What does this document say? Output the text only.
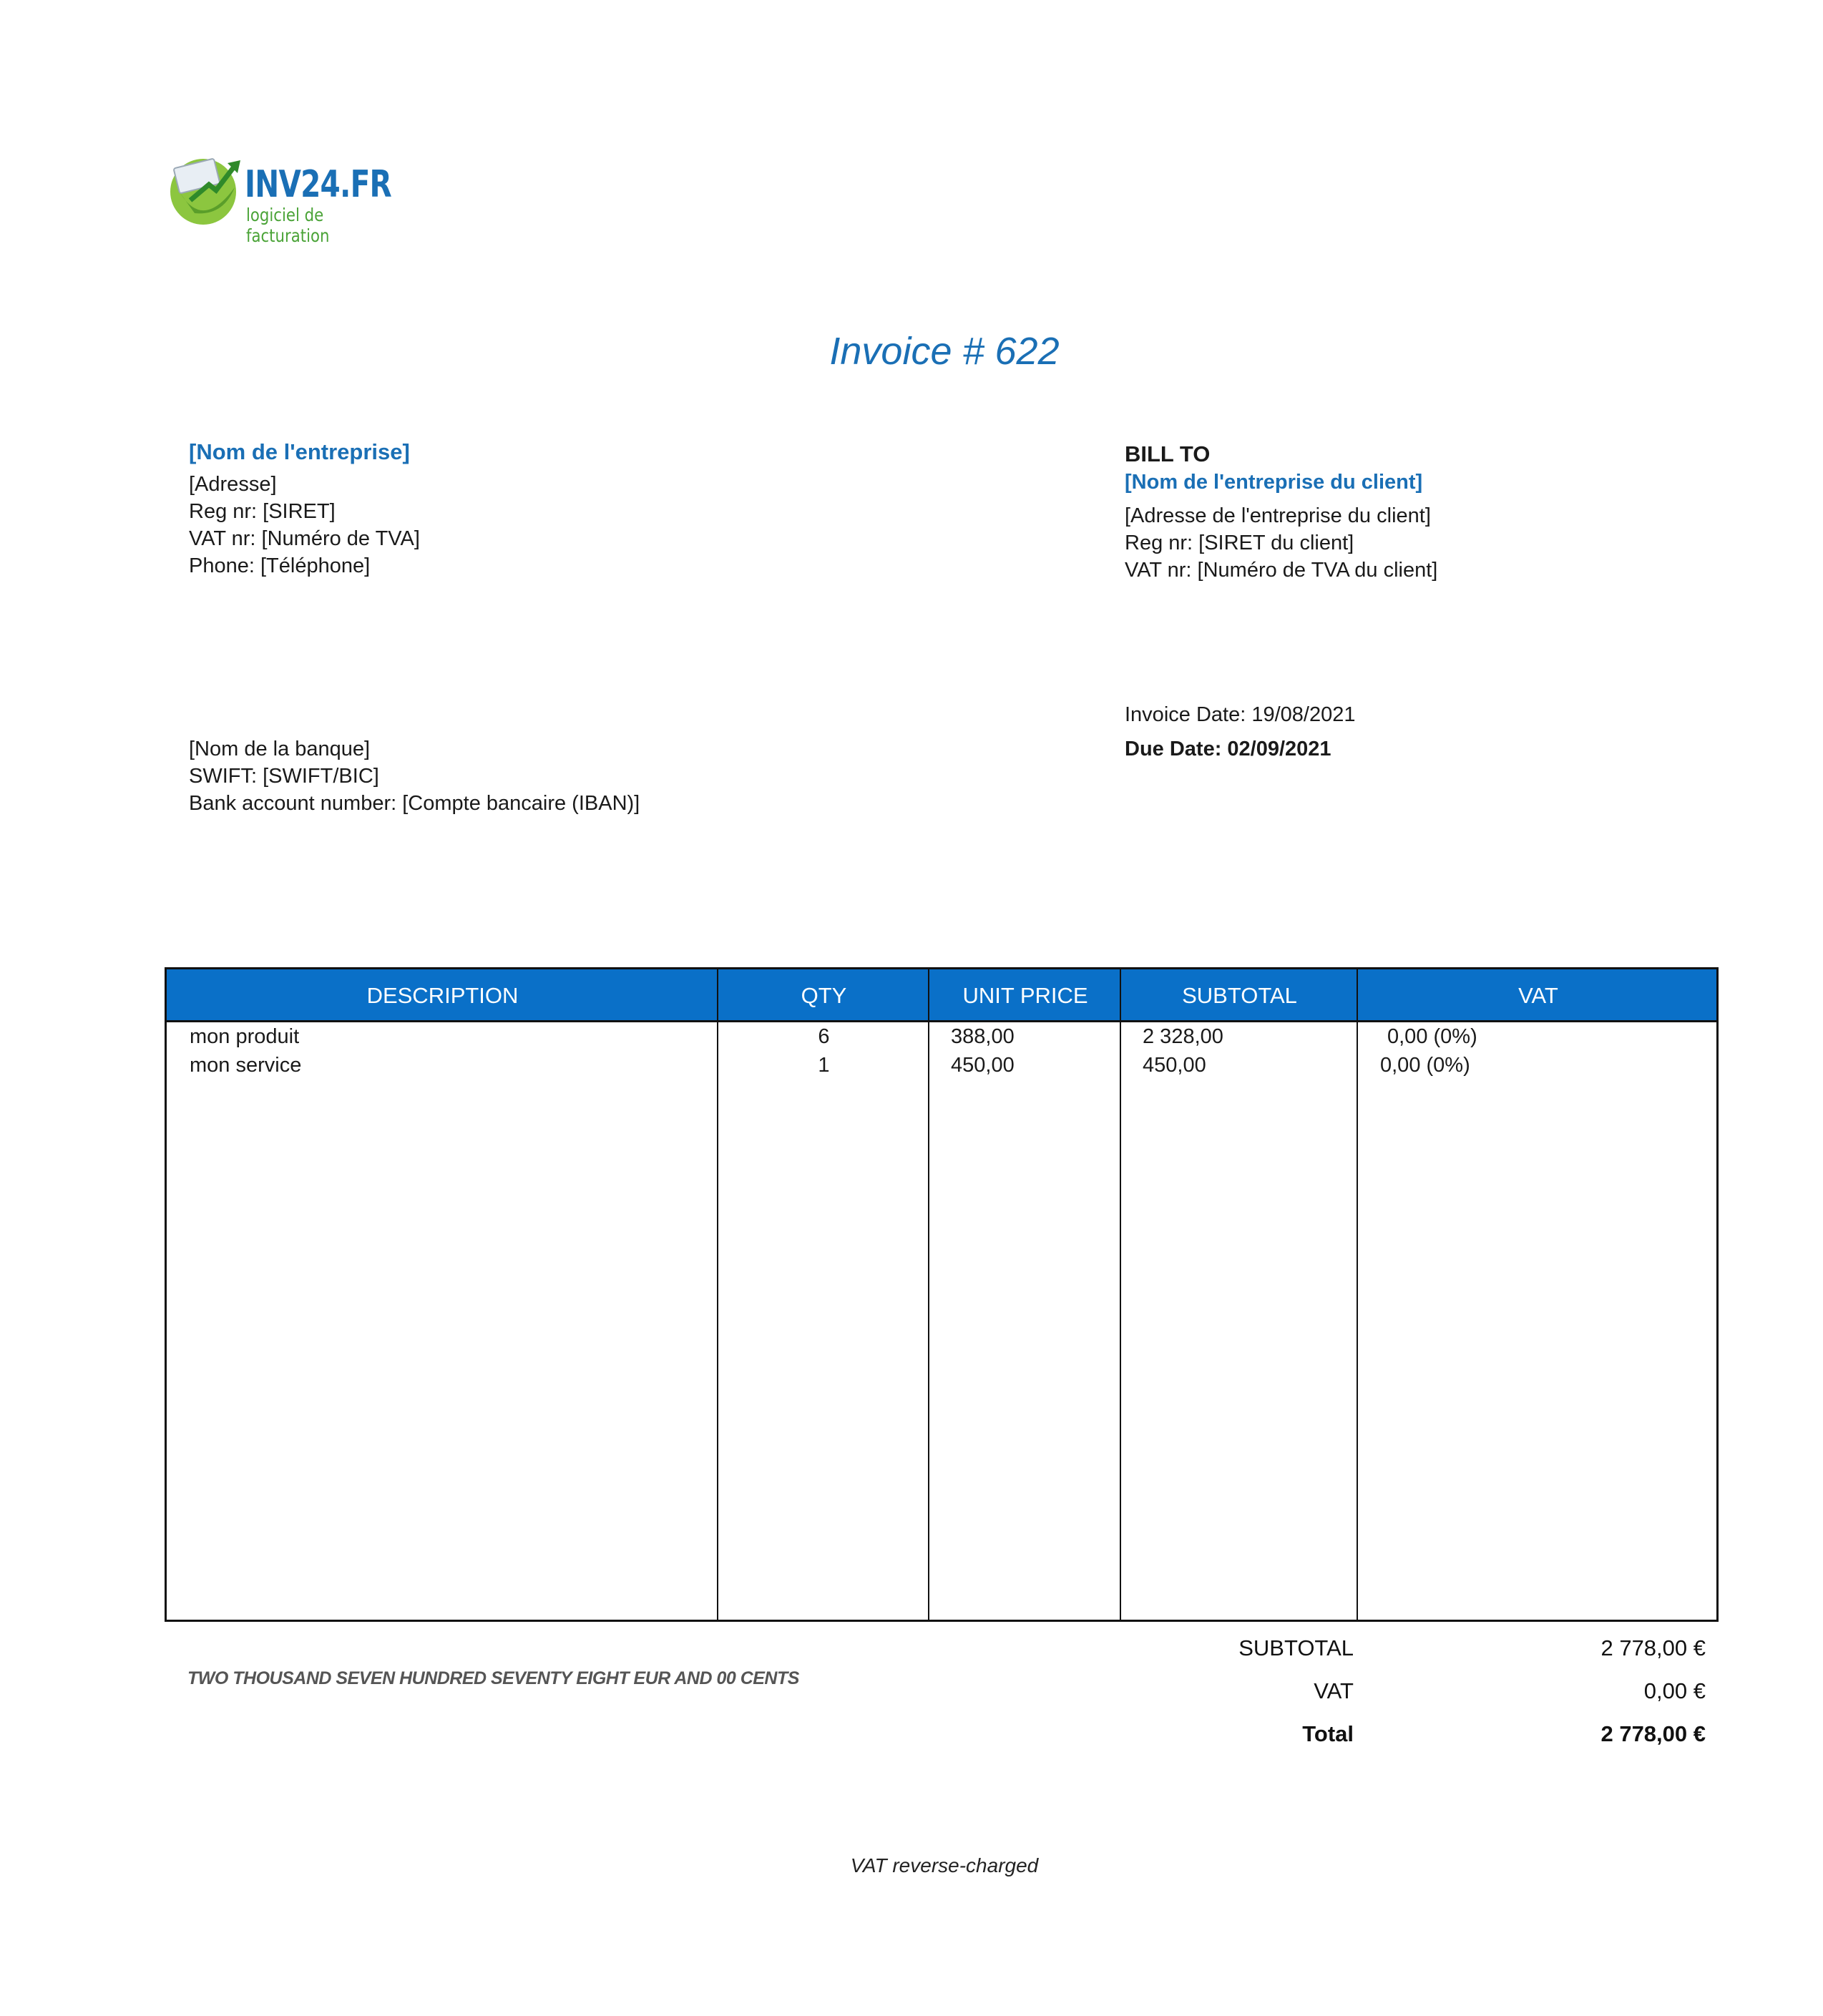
INV24.FR
logiciel de facturation
Invoice # 622
[Nom de l'entreprise]
[Adresse]
Reg nr: [SIRET]
VAT nr: [Numéro de TVA]
Phone: [Téléphone]
BILL TO
[Nom de l'entreprise du client]
[Adresse de l'entreprise du client]
Reg nr: [SIRET du client]
VAT nr: [Numéro de TVA du client]
[Nom de la banque]
SWIFT: [SWIFT/BIC]
Bank account number: [Compte bancaire (IBAN)]
Invoice Date: 19/08/2021
Due Date: 02/09/2021
DESCRIPTION	QTY	UNIT PRICE	SUBTOTAL	VAT
mon produit	6	388,00	2 328,00	0,00 (0%)
mon service	1	450,00	450,00	0,00 (0%)
SUBTOTAL	2 778,00 €
VAT	0,00 €
Total	2 778,00 €
TWO THOUSAND SEVEN HUNDRED SEVENTY EIGHT EUR AND 00 CENTS
VAT reverse-charged
